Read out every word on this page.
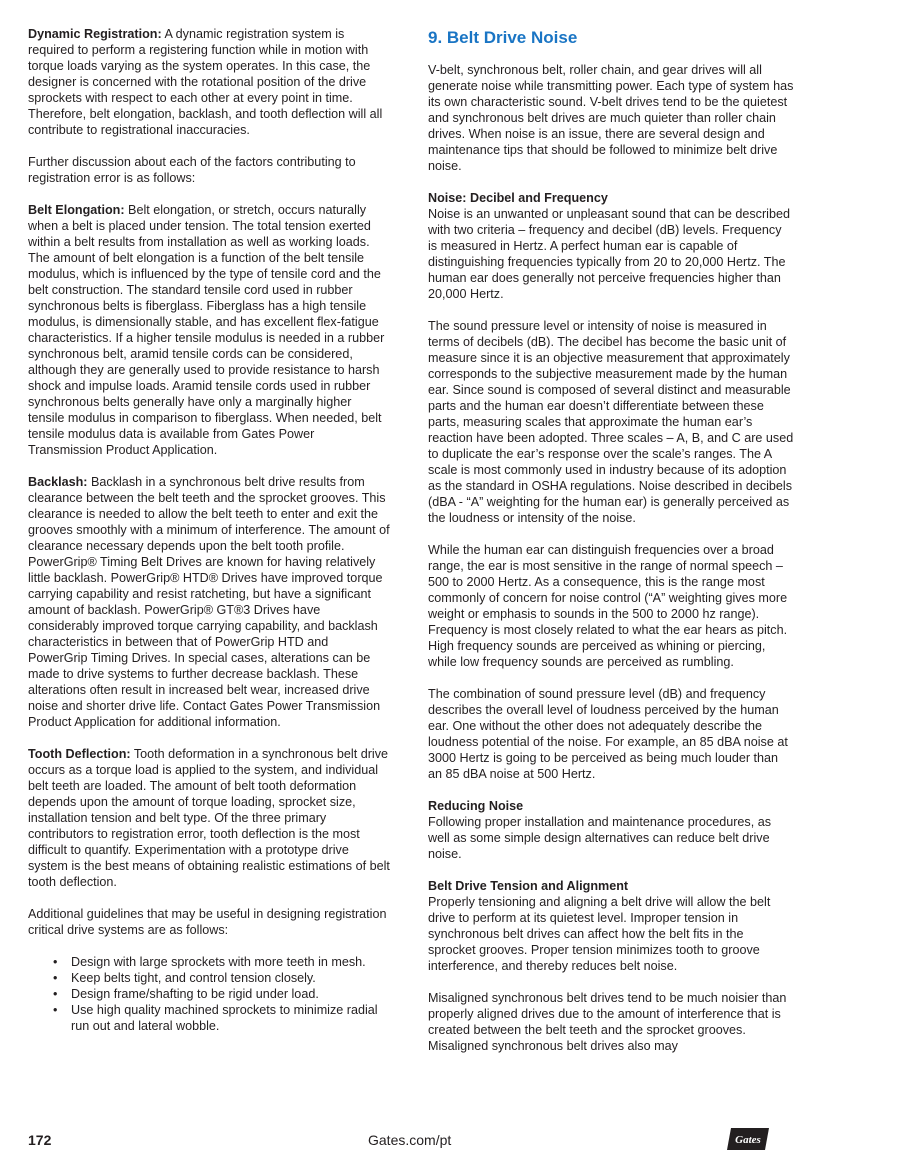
Dynamic Registration: A dynamic registration system is required to perform a registering function while in motion with torque loads varying as the system operates. In this case, the designer is concerned with the rotational position of the drive sprockets with respect to each other at every point in time. Therefore, belt elongation, backlash, and tooth deflection will all contribute to registrational inaccuracies.

Further discussion about each of the factors contributing to registration error is as follows:

Belt Elongation: Belt elongation, or stretch, occurs naturally when a belt is placed under tension. The total tension exerted within a belt results from installation as well as working loads. The amount of belt elongation is a function of the belt tensile modulus, which is influenced by the type of tensile cord and the belt construction. The standard tensile cord used in rubber synchronous belts is fiberglass. Fiberglass has a high tensile modulus, is dimensionally stable, and has excellent flex-fatigue characteristics. If a higher tensile modulus is needed in a rubber synchronous belt, aramid tensile cords can be considered, although they are generally used to provide resistance to harsh shock and impulse loads. Aramid tensile cords used in rubber synchronous belts generally have only a marginally higher tensile modulus in comparison to fiberglass. When needed, belt tensile modulus data is available from Gates Power Transmission Product Application.

Backlash: Backlash in a synchronous belt drive results from clearance between the belt teeth and the sprocket grooves. This clearance is needed to allow the belt teeth to enter and exit the grooves smoothly with a minimum of interference. The amount of clearance necessary depends upon the belt tooth profile. PowerGrip® Timing Belt Drives are known for having relatively little backlash. PowerGrip® HTD® Drives have improved torque carrying capability and resist ratcheting, but have a significant amount of backlash. PowerGrip® GT®3 Drives have considerably improved torque carrying capability, and backlash characteristics in between that of PowerGrip HTD and PowerGrip Timing Drives. In special cases, alterations can be made to drive systems to further decrease backlash. These alterations often result in increased belt wear, increased drive noise and shorter drive life. Contact Gates Power Transmission Product Application for additional information.

Tooth Deflection: Tooth deformation in a synchronous belt drive occurs as a torque load is applied to the system, and individual belt teeth are loaded. The amount of belt tooth deformation depends upon the amount of torque loading, sprocket size, installation tension and belt type. Of the three primary contributors to registration error, tooth deflection is the most difficult to quantify. Experimentation with a prototype drive system is the best means of obtaining realistic estimations of belt tooth deflection.

Additional guidelines that may be useful in designing registration critical drive systems are as follows:

• Design with large sprockets with more teeth in mesh.
• Keep belts tight, and control tension closely.
• Design frame/shafting to be rigid under load.
• Use high quality machined sprockets to minimize radial run out and lateral wobble.
9. Belt Drive Noise

V-belt, synchronous belt, roller chain, and gear drives will all generate noise while transmitting power. Each type of system has its own characteristic sound. V-belt drives tend to be the quietest and synchronous belt drives are much quieter than roller chain drives. When noise is an issue, there are several design and maintenance tips that should be followed to minimize belt drive noise.

Noise: Decibel and Frequency
Noise is an unwanted or unpleasant sound that can be described with two criteria – frequency and decibel (dB) levels. Frequency is measured in Hertz. A perfect human ear is capable of distinguishing frequencies typically from 20 to 20,000 Hertz. The human ear does generally not perceive frequencies higher than 20,000 Hertz.

The sound pressure level or intensity of noise is measured in terms of decibels (dB). The decibel has become the basic unit of measure since it is an objective measurement that approximately corresponds to the subjective measurement made by the human ear. Since sound is composed of several distinct and measurable parts and the human ear doesn’t differentiate between these parts, measuring scales that approximate the human ear’s reaction have been adopted. Three scales – A, B, and C are used to duplicate the ear’s response over the scale’s ranges. The A scale is most commonly used in industry because of its adoption as the standard in OSHA regulations. Noise described in decibels (dBA - “A” weighting for the human ear) is generally perceived as the loudness or intensity of the noise.

While the human ear can distinguish frequencies over a broad range, the ear is most sensitive in the range of normal speech – 500 to 2000 Hertz. As a consequence, this is the range most commonly of concern for noise control (“A” weighting gives more weight or emphasis to sounds in the 500 to 2000 hz range). Frequency is most closely related to what the ear hears as pitch. High frequency sounds are perceived as whining or piercing, while low frequency sounds are perceived as rumbling.

The combination of sound pressure level (dB) and frequency describes the overall level of loudness perceived by the human ear. One without the other does not adequately describe the loudness potential of the noise. For example, an 85 dBA noise at 3000 Hertz is going to be perceived as being much louder than an 85 dBA noise at 500 Hertz.

Reducing Noise
Following proper installation and maintenance procedures, as well as some simple design alternatives can reduce belt drive noise.

Belt Drive Tension and Alignment
Properly tensioning and aligning a belt drive will allow the belt drive to perform at its quietest level. Improper tension in synchronous belt drives can affect how the belt fits in the sprocket grooves. Proper tension minimizes tooth to groove interference, and thereby reduces belt noise.

Misaligned synchronous belt drives tend to be much noisier than properly aligned drives due to the amount of interference that is created between the belt teeth and the sprocket grooves. Misaligned synchronous belt drives also may

172	Gates.com/pt	Gates
